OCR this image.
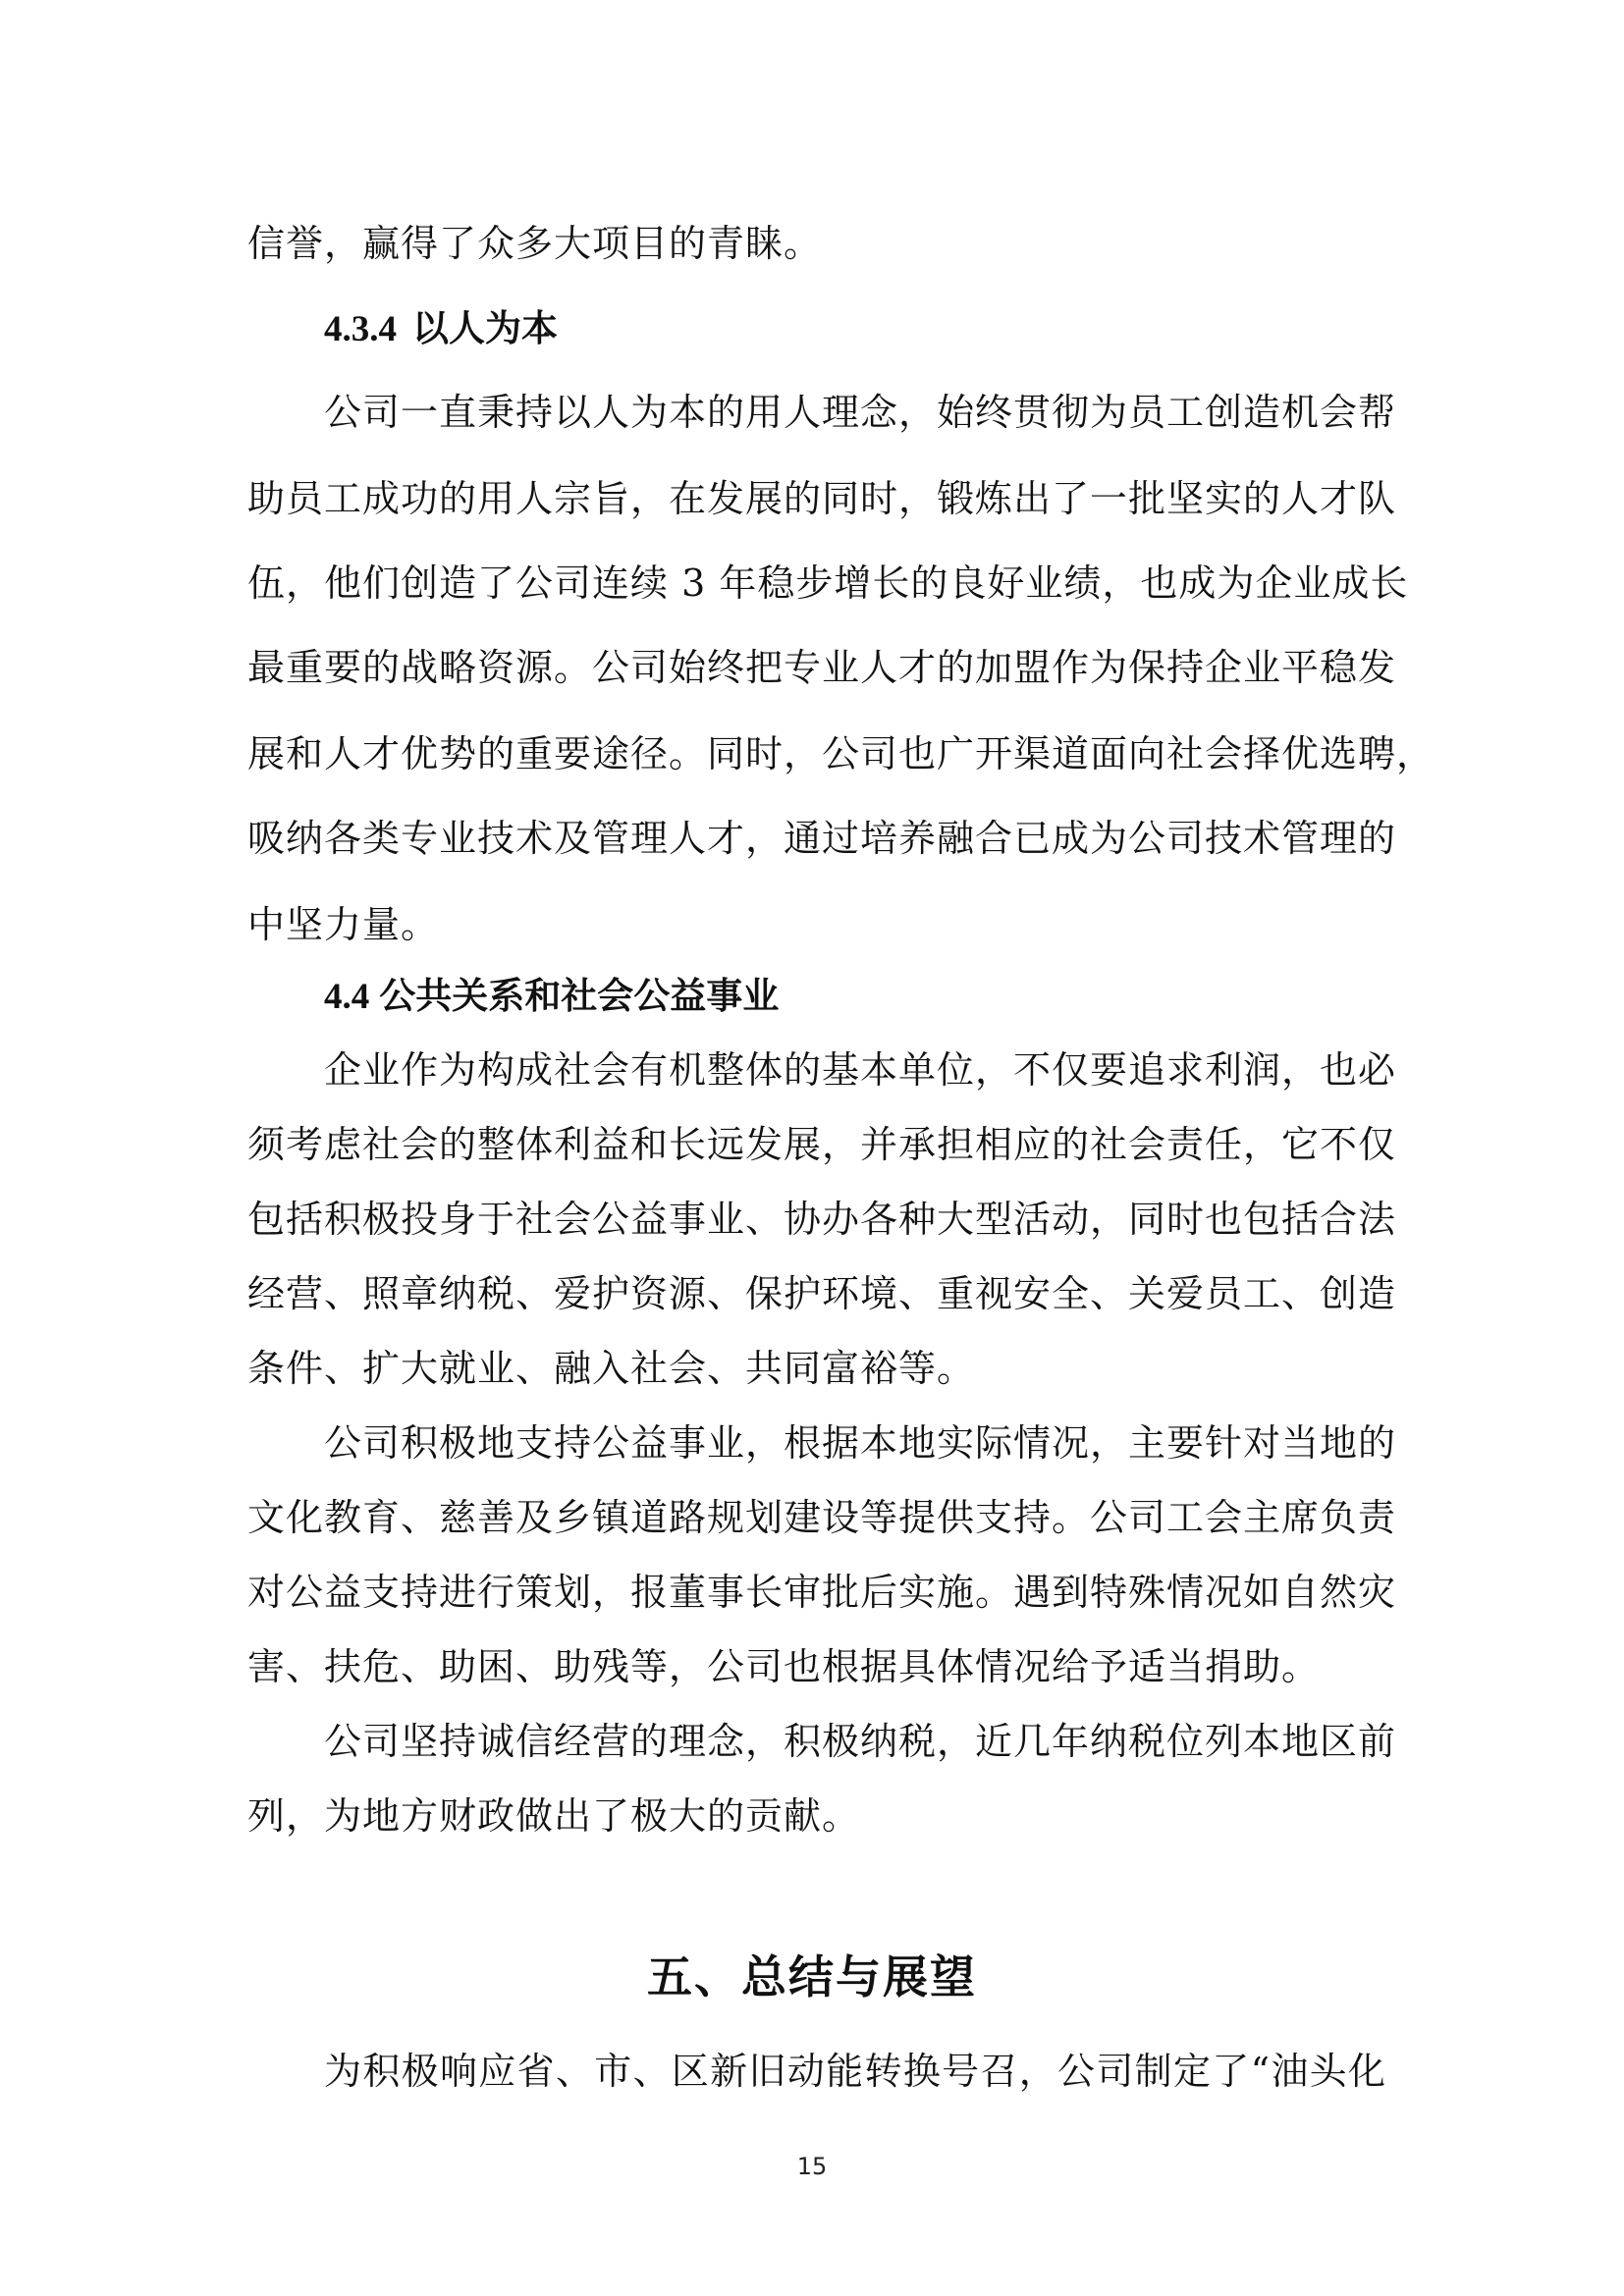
信誉，赢得了众多大项目的青睐。
4.3.4 以人为本
公司一直秉持以人为本的用人理念，始终贯彻为员工创造机会帮
助员工成功的用人宗旨，在发展的同时，锻炼出了一批坚实的人才队
伍，他们创造了公司连续 3 年稳步增长的良好业绩，也成为企业成长
最重要的战略资源。公司始终把专业人才的加盟作为保持企业平稳发
展和人才优势的重要途径。同时，公司也广开渠道面向社会择优选聘，
吸纳各类专业技术及管理人才，通过培养融合已成为公司技术管理的
中坚力量。
4.4 公共关系和社会公益事业
企业作为构成社会有机整体的基本单位，不仅要追求利润，也必
须考虑社会的整体利益和长远发展，并承担相应的社会责任，它不仅
包括积极投身于社会公益事业、协办各种大型活动，同时也包括合法
经营、照章纳税、爱护资源、保护环境、重视安全、关爱员工、创造
条件、扩大就业、融入社会、共同富裕等。
公司积极地支持公益事业，根据本地实际情况，主要针对当地的
文化教育、慈善及乡镇道路规划建设等提供支持。公司工会主席负责
对公益支持进行策划，报董事长审批后实施。遇到特殊情况如自然灾
害、扶危、助困、助残等，公司也根据具体情况给予适当捐助。
公司坚持诚信经营的理念，积极纳税，近几年纳税位列本地区前
列，为地方财政做出了极大的贡献。
五、总结与展望
为积极响应省、市、区新旧动能转换号召，公司制定了“油头化
15
